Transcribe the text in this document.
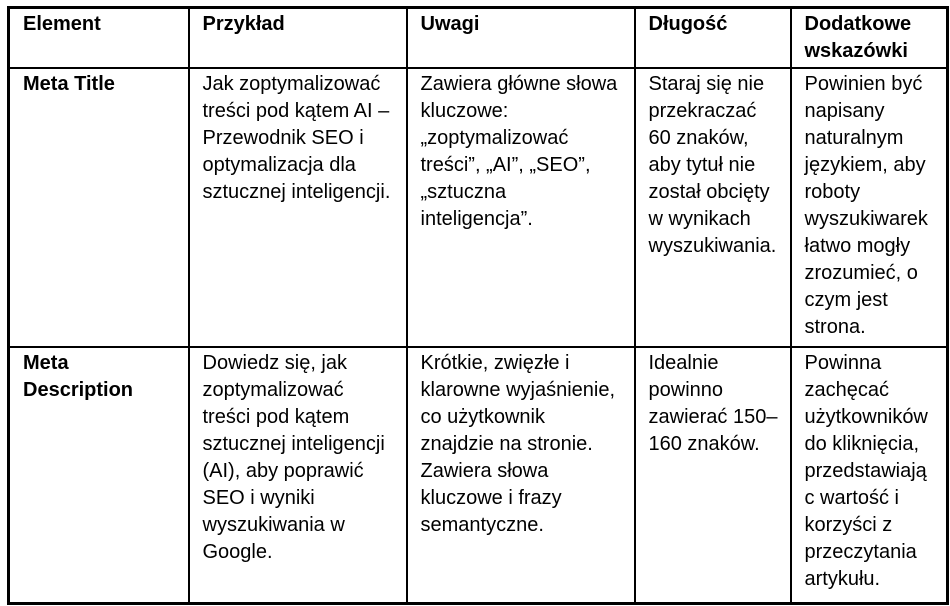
Element	Przykład	Uwagi	Długość	Dodatkowe wskazówki
Meta Title	Jak zoptymalizować treści pod kątem AI – Przewodnik SEO i optymalizacja dla sztucznej inteligencji.	Zawiera główne słowa kluczowe: „zoptymalizować treści”, „AI”, „SEO”, „sztuczna inteligencja”.	Staraj się nie przekraczać 60 znaków, aby tytuł nie został obcięty w wynikach wyszukiwania.	Powinien być napisany naturalnym językiem, aby roboty wyszukiwarek łatwo mogły zrozumieć, o czym jest strona.
Meta Description	Dowiedz się, jak zoptymalizować treści pod kątem sztucznej inteligencji (AI), aby poprawić SEO i wyniki wyszukiwania w Google.	Krótkie, zwięzłe i klarowne wyjaśnienie, co użytkownik znajdzie na stronie. Zawiera słowa kluczowe i frazy semantyczne.	Idealnie powinno zawierać 150–160 znaków.	Powinna zachęcać użytkowników do kliknięcia, przedstawiając wartość i korzyści z przeczytania artykułu.
